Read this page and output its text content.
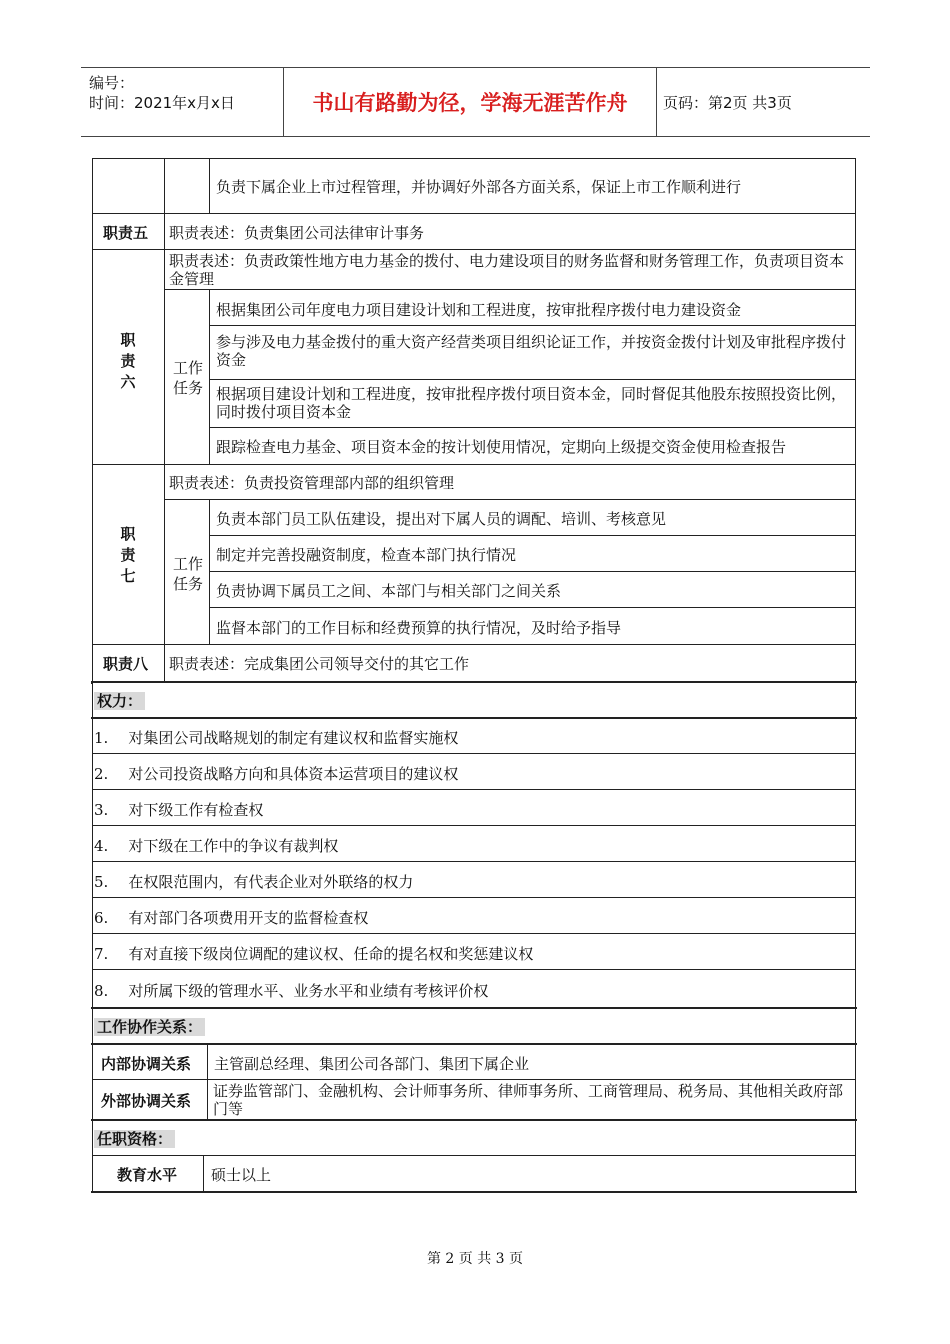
编号：
时间：2021年x月x日	书山有路勤为径，学海无涯苦作舟	页码：第2页 共3页
负责下属企业上市过程管理，并协调好外部各方面关系，保证上市工作顺利进行
职责五 职责表述：负责集团公司法律审计事务
职
责
六
职责表述：负责政策性地方电力基金的拨付、电力建设项目的财务监督和财务管理工作，负责项目资本金管理
工作
任务
根据集团公司年度电力项目建设计划和工程进度，按审批程序拨付电力建设资金
参与涉及电力基金拨付的重大资产经营类项目组织论证工作，并按资金拨付计划及审批程序拨付资金
根据项目建设计划和工程进度，按审批程序拨付项目资本金，同时督促其他股东按照投资比例，同时拨付项目资本金
跟踪检查电力基金、项目资本金的按计划使用情况，定期向上级提交资金使用检查报告
职
责
七
职责表述：负责投资管理部内部的组织管理
工作
任务
负责本部门员工队伍建设，提出对下属人员的调配、培训、考核意见
制定并完善投融资制度，检查本部门执行情况
负责协调下属员工之间、本部门与相关部门之间关系
监督本部门的工作目标和经费预算的执行情况，及时给予指导
职责八 职责表述：完成集团公司领导交付的其它工作
权力：
1. 对集团公司战略规划的制定有建议权和监督实施权
2. 对公司投资战略方向和具体资本运营项目的建议权
3. 对下级工作有检查权
4. 对下级在工作中的争议有裁判权
5. 在权限范围内，有代表企业对外联络的权力
6. 有对部门各项费用开支的监督检查权
7. 有对直接下级岗位调配的建议权、任命的提名权和奖惩建议权
8. 对所属下级的管理水平、业务水平和业绩有考核评价权
工作协作关系：
内部协调关系 主管副总经理、集团公司各部门、集团下属企业
外部协调关系
证券监管部门、金融机构、会计师事务所、律师事务所、工商管理局、税务局、其他相关政府部门等
任职资格：
教育水平 硕士以上
第 2 页 共 3 页
